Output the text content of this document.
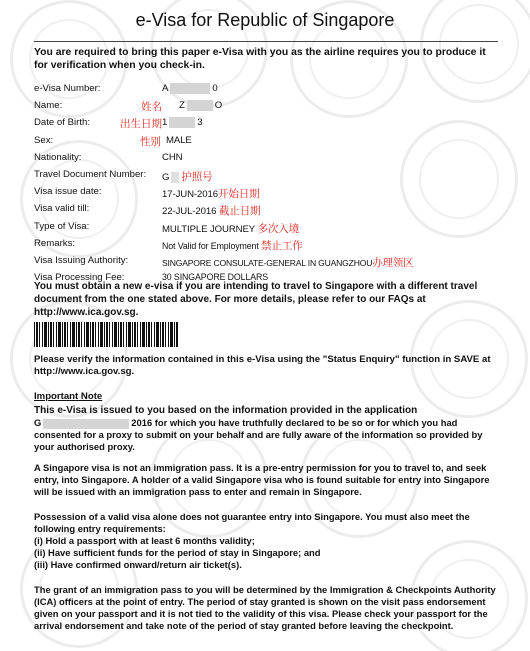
e-Visa for Republic of Singapore
You are required to bring this paper e-Visa with you as the airline requires you to produce it for verification when you check-in.
e-Visa Number:	A	0
Name:	姓名 Z	O
Date of Birth:	出生日期 1	3
Sex:	性别 MALE
Nationality:	CHN
Travel Document Number: G 护照号
Visa issue date:	17-JUN-2016开始日期
Visa valid till:	22-JUL-2016 截止日期
Type of Visa:	MULTIPLE JOURNEY 多次入境
Remarks:	Not Valid for Employment 禁止工作
Visa Issuing Authority:	SINGAPORE CONSULATE-GENERAL IN GUANGZHOU办理领区
Visa Processing Fee:	30 SINGAPORE DOLLARS
You must obtain a new e-visa if you are intending to travel to Singapore with a different travel document from the one stated above. For more details, please refer to our FAQs at http://www.ica.gov.sg.
Please verify the information contained in this e-Visa using the "Status Enquiry" function in SAVE at http://www.ica.gov.sg.
Important Note
This e-Visa is issued to you based on the information provided in the application
G	2016 for which you have truthfully declared to be so or for which you had consented for a proxy to submit on your behalf and are fully aware of the information so provided by your authorised proxy.
A Singapore visa is not an immigration pass. It is a pre-entry permission for you to travel to, and seek entry, into Singapore. A holder of a valid Singapore visa who is found suitable for entry into Singapore will be issued with an immigration pass to enter and remain in Singapore.
Possession of a valid visa alone does not guarantee entry into Singapore. You must also meet the following entry requirements:
(i) Hold a passport with at least 6 months validity;
(ii) Have sufficient funds for the period of stay in Singapore; and
(iii) Have confirmed onward/return air ticket(s).
The grant of an immigration pass to you will be determined by the Immigration & Checkpoints Authority (ICA) officers at the point of entry. The period of stay granted is shown on the visit pass endorsement given on your passport and it is not tied to the validity of this visa. Please check your passport for the arrival endorsement and take note of the period of stay granted before leaving the checkpoint.
